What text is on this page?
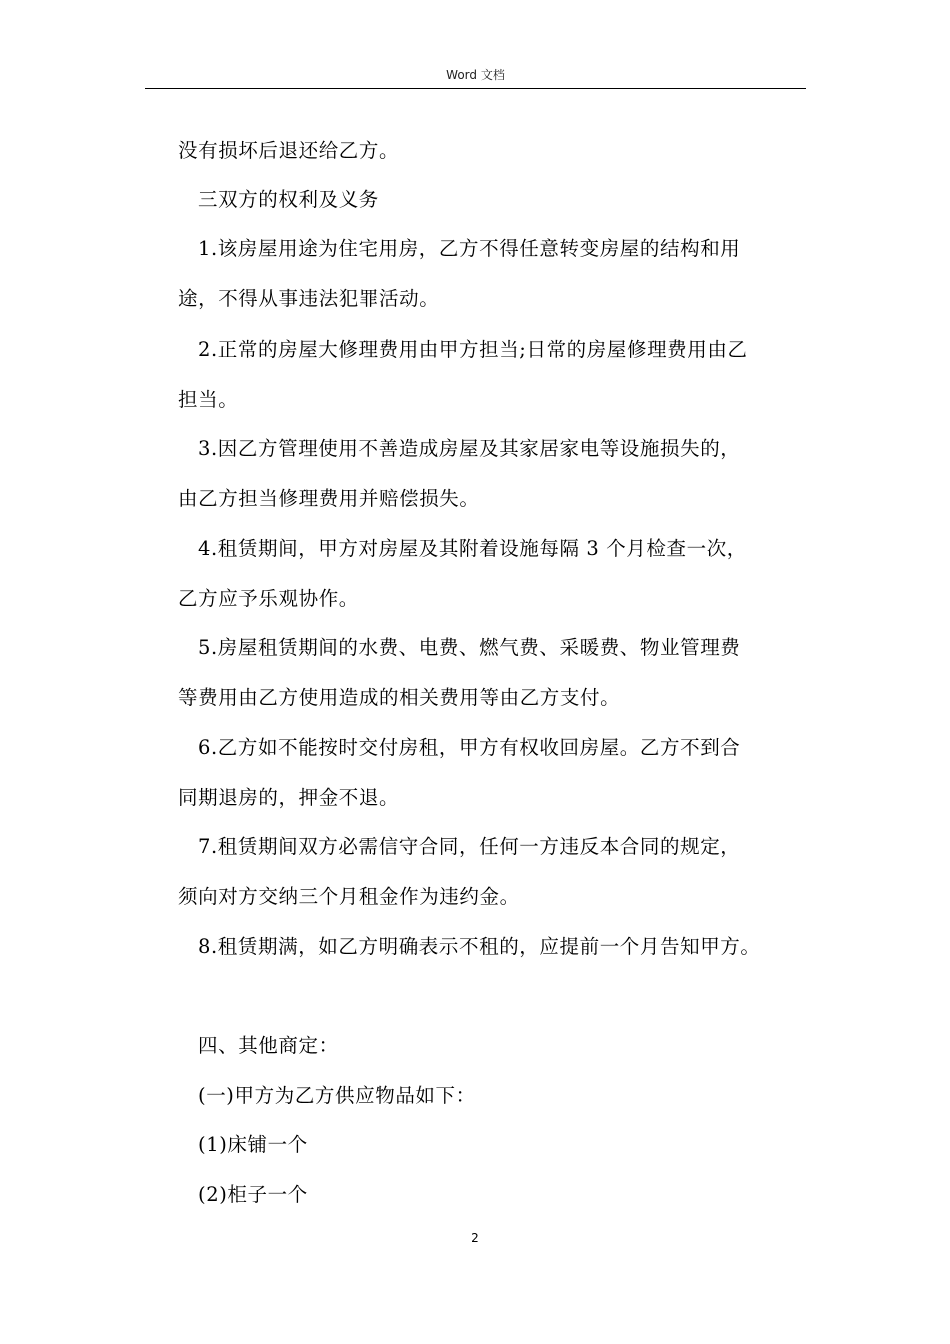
Word 文档
没有损坏后退还给乙方。
三双方的权利及义务
1.该房屋用途为住宅用房，乙方不得任意转变房屋的结构和用
途，不得从事违法犯罪活动。
2.正常的房屋大修理费用由甲方担当;日常的房屋修理费用由乙
担当。
3.因乙方管理使用不善造成房屋及其家居家电等设施损失的，
由乙方担当修理费用并赔偿损失。
4.租赁期间，甲方对房屋及其附着设施每隔 3 个月检查一次，
乙方应予乐观协作。
5.房屋租赁期间的水费、电费、燃气费、采暖费、物业管理费
等费用由乙方使用造成的相关费用等由乙方支付。
6.乙方如不能按时交付房租，甲方有权收回房屋。乙方不到合
同期退房的，押金不退。
7.租赁期间双方必需信守合同，任何一方违反本合同的规定，
须向对方交纳三个月租金作为违约金。
8.租赁期满，如乙方明确表示不租的，应提前一个月告知甲方。
四、其他商定：
(一)甲方为乙方供应物品如下：
(1)床铺一个
(2)柜子一个
2
